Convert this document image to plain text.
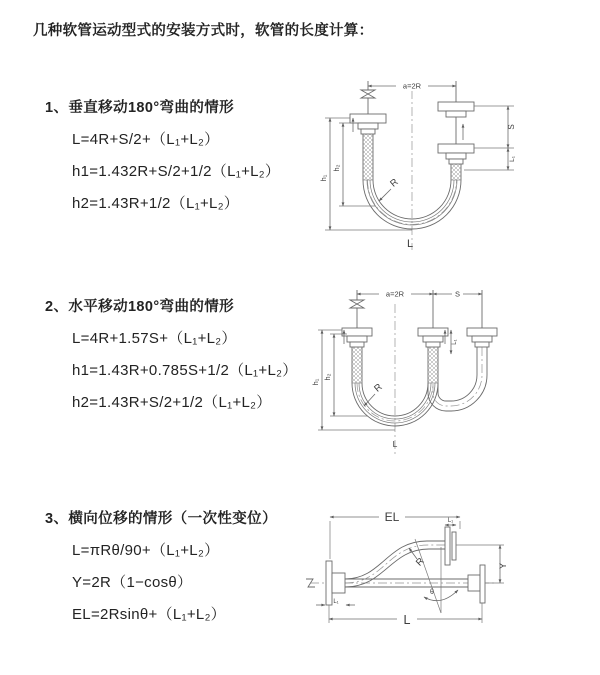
几种软管运动型式的安装方式时，软管的长度计算：
1、垂直移动180°弯曲的情形
L=4R+S/2+（L₁+L₂）
h1=1.432R+S/2+1/2（L₁+L₂）
h2=1.43R+1/2（L₁+L₂）
2、水平移动180°弯曲的情形
L=4R+1.57S+（L₁+L₂）
h1=1.43R+0.785S+1/2（L₁+L₂）
h2=1.43R+S/2+1/2（L₁+L₂）
3、横向位移的情形（一次性变位）
L=πRθ/90+（L₁+L₂）
Y=2R（1−cosθ）
EL=2Rsinθ+（L₁+L₂）
a=2R
h₁
h₂
S
L₁
R
L
a=2R	S
h₁
h₂
L₁
R
L
θ
R
EL	L₁
Y
L
L₁
